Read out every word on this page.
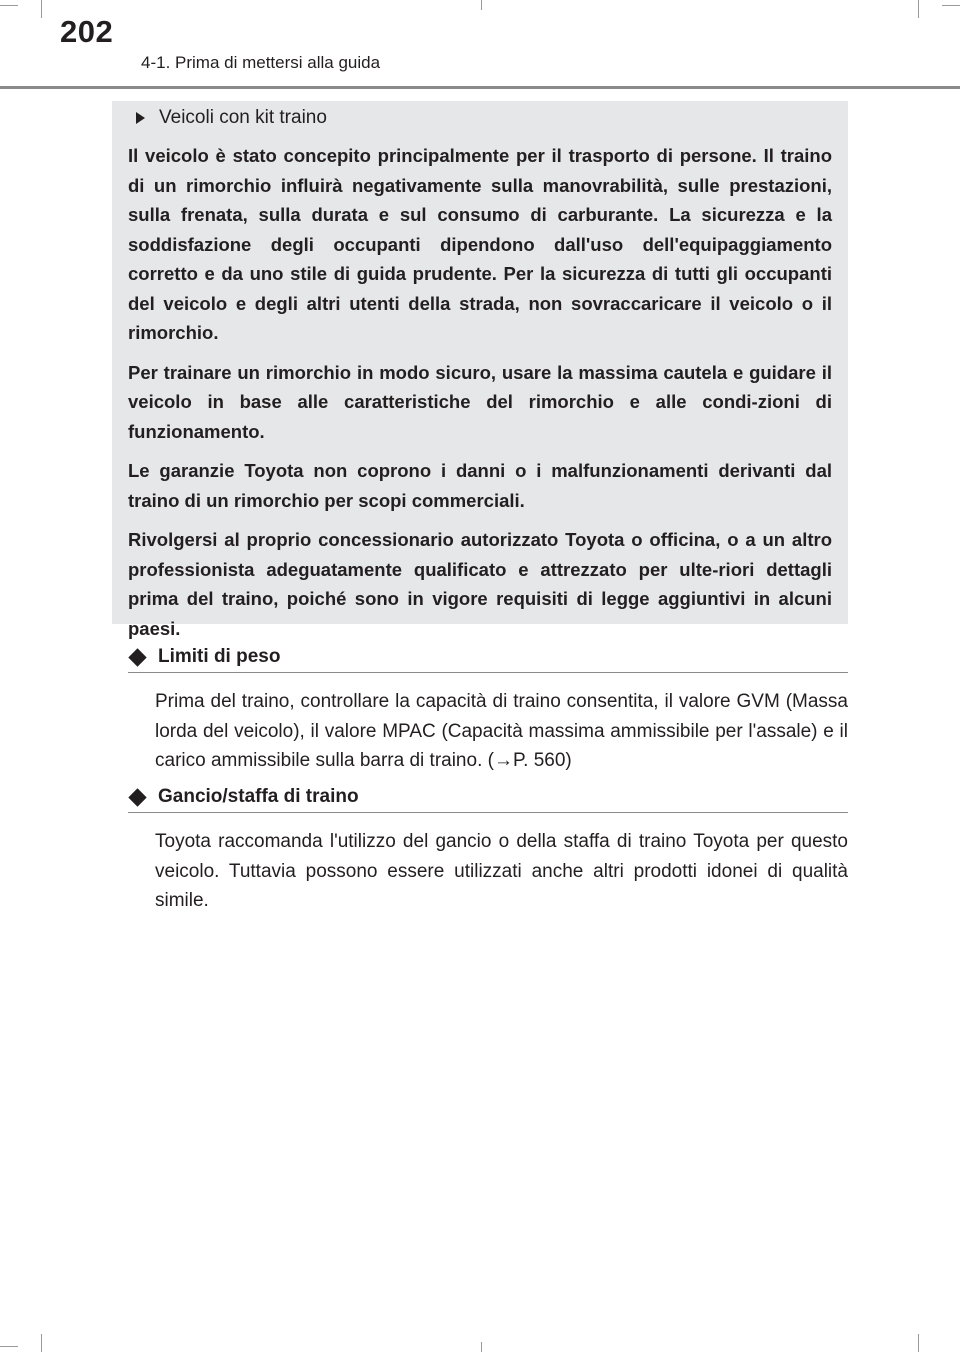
202
4-1. Prima di mettersi alla guida
Veicoli con kit traino

Il veicolo è stato concepito principalmente per il trasporto di persone. Il traino di un rimorchio influirà negativamente sulla manovrabilità, sulle prestazioni, sulla frenata, sulla durata e sul consumo di carburante. La sicurezza e la soddisfazione degli occupanti dipendono dall'uso dell'equipaggiamento corretto e da uno stile di guida prudente. Per la sicurezza di tutti gli occupanti del veicolo e degli altri utenti della strada, non sovraccaricare il veicolo o il rimorchio.

Per trainare un rimorchio in modo sicuro, usare la massima cautela e guidare il veicolo in base alle caratteristiche del rimorchio e alle condi-zioni di funzionamento.

Le garanzie Toyota non coprono i danni o i malfunzionamenti derivanti dal traino di un rimorchio per scopi commerciali.

Rivolgersi al proprio concessionario autorizzato Toyota o officina, o a un altro professionista adeguatamente qualificato e attrezzato per ulte-riori dettagli prima del traino, poiché sono in vigore requisiti di legge aggiuntivi in alcuni paesi.

Limiti di peso
Prima del traino, controllare la capacità di traino consentita, il valore GVM (Massa lorda del veicolo), il valore MPAC (Capacità massima ammissibile per l'assale) e il carico ammissibile sulla barra di traino. (→P. 560)
Gancio/staffa di traino
Toyota raccomanda l'utilizzo del gancio o della staffa di traino Toyota per questo veicolo. Tuttavia possono essere utilizzati anche altri prodotti idonei di qualità simile.
